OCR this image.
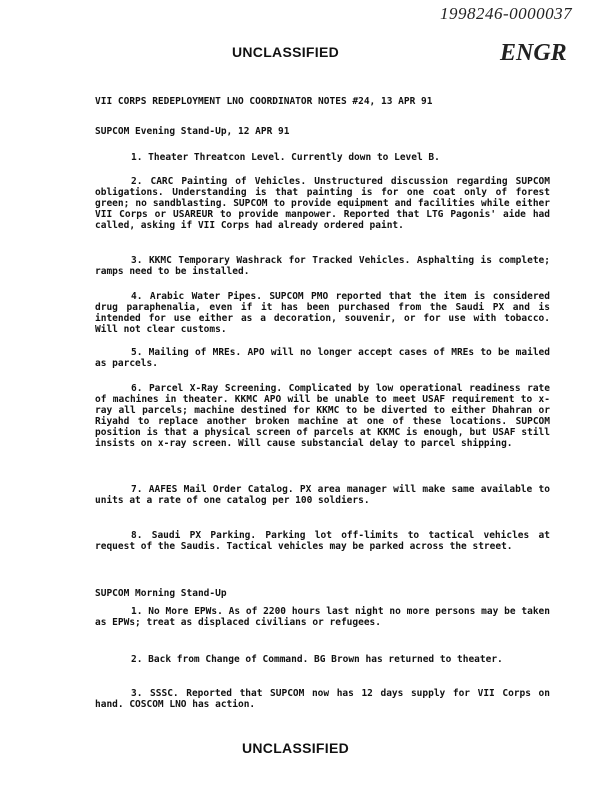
1998246-0000037
ENGR
UNCLASSIFIED
VII CORPS REDEPLOYMENT LNO COORDINATOR NOTES #24, 13 APR 91
SUPCOM Evening Stand-Up, 12 APR 91
1. Theater Threatcon Level. Currently down to Level B.
2. CARC Painting of Vehicles. Unstructured discussion regarding SUPCOM obligations. Understanding is that painting is for one coat only of forest green; no sandblasting. SUPCOM to provide equipment and facilities while either VII Corps or USAREUR to provide manpower. Reported that LTG Pagonis' aide had called, asking if VII Corps had already ordered paint.
3. KKMC Temporary Washrack for Tracked Vehicles. Asphalting is complete; ramps need to be installed.
4. Arabic Water Pipes. SUPCOM PMO reported that the item is considered drug paraphenalia, even if it has been purchased from the Saudi PX and is intended for use either as a decoration, souvenir, or for use with tobacco. Will not clear customs.
5. Mailing of MREs. APO will no longer accept cases of MREs to be mailed as parcels.
6. Parcel X-Ray Screening. Complicated by low operational readiness rate of machines in theater. KKMC APO will be unable to meet USAF requirement to x-ray all parcels; machine destined for KKMC to be diverted to either Dhahran or Riyahd to replace another broken machine at one of these locations. SUPCOM position is that a physical screen of parcels at KKMC is enough, but USAF still insists on x-ray screen. Will cause substancial delay to parcel shipping.
7. AAFES Mail Order Catalog. PX area manager will make same available to units at a rate of one catalog per 100 soldiers.
8. Saudi PX Parking. Parking lot off-limits to tactical vehicles at request of the Saudis. Tactical vehicles may be parked across the street.
SUPCOM Morning Stand-Up
1. No More EPWs. As of 2200 hours last night no more persons may be taken as EPWs; treat as displaced civilians or refugees.
2. Back from Change of Command. BG Brown has returned to theater.
3. SSSC. Reported that SUPCOM now has 12 days supply for VII Corps on hand. COSCOM LNO has action.
UNCLASSIFIED
